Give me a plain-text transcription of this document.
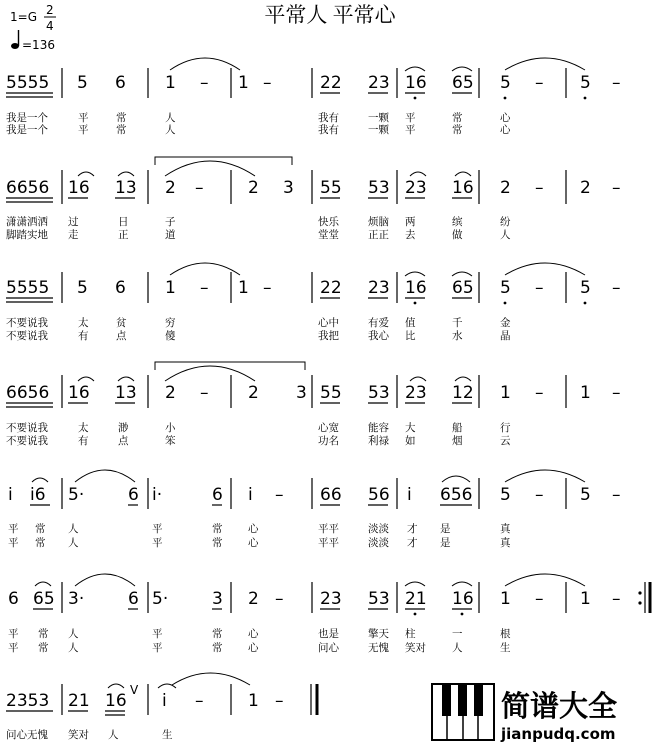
平常人 平常心
1=G 2
4
=136
5555 5 6 1 – 1 –	22 23 16 65 5 – 5 –
我是一个	平	常	人	我有	一颗 平	常	心
我是一个	平	常	人	我有	一颗 平	常	心
6656 16 13 2 –	2 3 55 53 23 16 2 – 2 –
潇潇洒洒 过	日	子	快乐	烦脑 两	缤	纷
脚踏实地 走	正	道	堂堂	正正 去	做	人
5555 5 6 1 – 1 –	22 23 16 65 5 – 5 –
不要说我	太	贫	穷	心中	有爱 值	千	金
不要说我	有	点	傻	我把	我心 比	水	晶
6656 16 13 2 – 2 3 55 53 23 12 1 – 1 –
不要说我	太	渺	小	心宽	能容 大	船	行
不要说我	有	点	笨	功名	利禄 如	烟	云
i i6 5·	6 i·	6 i – 66 56 i 656 5 – 5 –
平 常 人	平	常 心	平平	淡淡 才 是	真
平 常 人	平	常 心	平平	淡淡 才 是	真
6 65 3·	6 5·	3 2 – 23 53 21 16 1 – 1 –
平 常 人	平	常 心	也是	擎天 柱	一	根
平 常 人	平	常 心	问心	无愧 笑对 人	生
2353 21 16
V
i –	1 –
问心无愧 笑对 人	生
简谱大全
jianpudq.com
